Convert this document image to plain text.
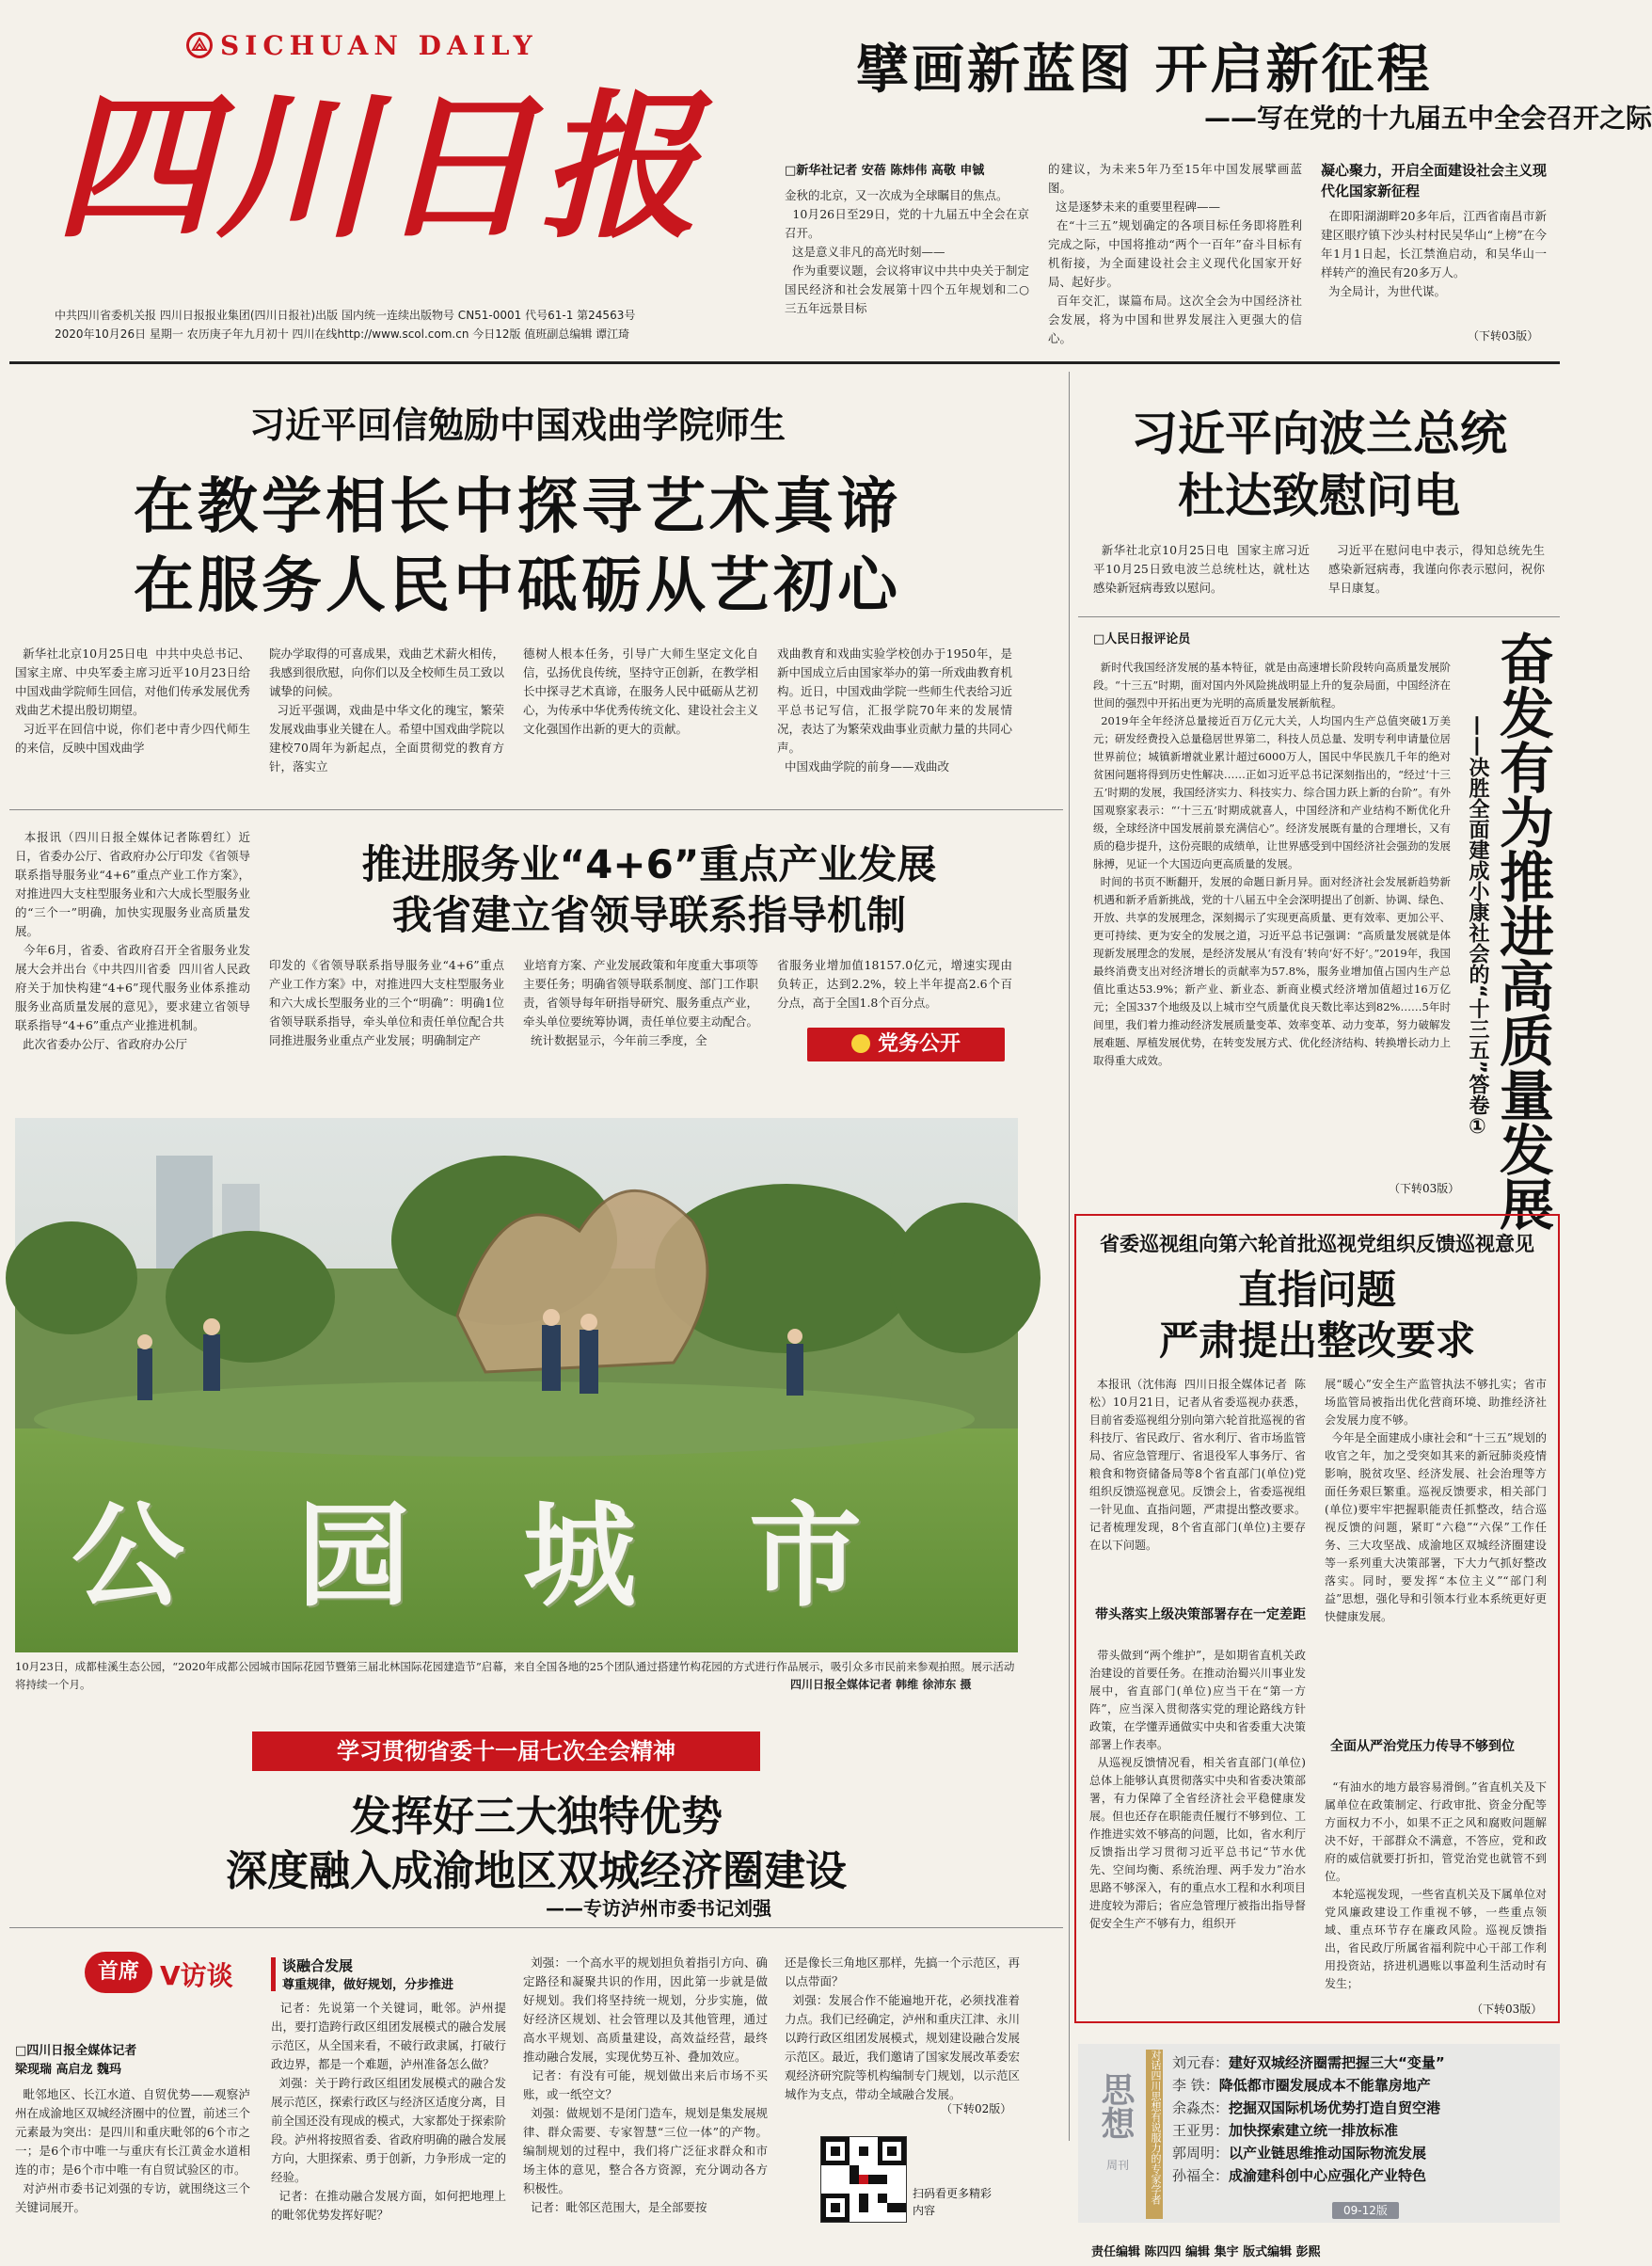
SICHUAN DAILY
四川日报
中共四川省委机关报 四川日报报业集团(四川日报社)出版 国内统一连续出版物号 CN51-0001 代号61-1 第24563号
2020年10月26日 星期一 农历庚子年九月初十 四川在线http://www.scol.com.cn 今日12版 值班副总编辑 谭江琦
擘画新蓝图 开启新征程
——写在党的十九届五中全会召开之际
□新华社记者 安蓓 陈炜伟 高敬 申铖
金秋的北京，又一次成为全球瞩目的焦点。
10月26日至29日，党的十九届五中全会在京召开。
这是意义非凡的高光时刻——
作为重要议题，会议将审议中共中央关于制定国民经济和社会发展第十四个五年规划和二○三五年远景目标
的建议，为未来5年乃至15年中国发展擘画蓝图。
这是逐梦未来的重要里程碑——
在“十三五”规划确定的各项目标任务即将胜利完成之际，中国将推动“两个一百年”奋斗目标有机衔接，为全面建设社会主义现代化国家开好局、起好步。
百年交汇，谋篇布局。这次全会为中国经济社会发展，将为中国和世界发展注入更强大的信心。
凝心聚力，开启全面建设社会主义现代化国家新征程
在即阳湖湖畔20多年后，江西省南昌市新建区眼疗镇下沙头村村民吴华山“上榜”在今年1月1日起，长江禁渔启动，和吴华山一样转产的渔民有20多万人。
为全局计，为世代谋。
（下转03版）
习近平回信勉励中国戏曲学院师生
在教学相长中探寻艺术真谛
在服务人民中砥砺从艺初心
新华社北京10月25日电  中共中央总书记、国家主席、中央军委主席习近平10月23日给中国戏曲学院师生回信，对他们传承发展优秀戏曲艺术提出殷切期望。
习近平在回信中说，你们老中青少四代师生的来信，反映中国戏曲学
院办学取得的可喜成果，戏曲艺术薪火相传，我感到很欣慰，向你们以及全校师生员工致以诚挚的问候。
习近平强调，戏曲是中华文化的瑰宝，繁荣发展戏曲事业关键在人。希望中国戏曲学院以建校70周年为新起点，全面贯彻党的教育方针，落实立
德树人根本任务，引导广大师生坚定文化自信，弘扬优良传统，坚持守正创新，在教学相长中探寻艺术真谛，在服务人民中砥砺从艺初心，为传承中华优秀传统文化、建设社会主义文化强国作出新的更大的贡献。
戏曲教育和戏曲实验学校创办于1950年，是新中国成立后由国家举办的第一所戏曲教育机构。近日，中国戏曲学院一些师生代表给习近平总书记写信，汇报学院70年来的发展情况，表达了为繁荣戏曲事业贡献力量的共同心声。
中国戏曲学院的前身——戏曲改
习近平向波兰总统
杜达致慰问电
新华社北京10月25日电  国家主席习近平10月25日致电波兰总统杜达，就杜达感染新冠病毒致以慰问。
习近平在慰问电中表示，得知总统先生感染新冠病毒，我谨向你表示慰问，祝你早日康复。
□人民日报评论员
新时代我国经济发展的基本特征，就是由高速增长阶段转向高质量发展阶段。“十三五”时期，面对国内外风险挑战明显上升的复杂局面，中国经济在世间的强烈中开拓出更为光明的高质量发展新航程。
2019年全年经济总量接近百万亿元大关，人均国内生产总值突破1万美元；研发经费投入总量稳居世界第二，科技人员总量、发明专利申请量位居世界前位；城镇新增就业累计超过6000万人，国民中华民族几千年的绝对贫困问题将得到历史性解决……正如习近平总书记深刻指出的，“经过‘十三五’时期的发展，我国经济实力、科技实力、综合国力跃上新的台阶”。有外国观察家表示：“‘十三五’时期成就喜人，中国经济和产业结构不断优化升级，全球经济中国发展前景充满信心”。经济发展既有量的合理增长，又有质的稳步提升，这份亮眼的成绩单，让世界感受到中国经济社会强劲的发展脉搏，见证一个大国迈向更高质量的发展。
时间的书页不断翻开，发展的命题日新月异。面对经济社会发展新趋势新机遇和新矛盾新挑战，党的十八届五中全会深明提出了创新、协调、绿色、开放、共享的发展理念，深刻揭示了实现更高质量、更有效率、更加公平、更可持续、更为安全的发展之道，习近平总书记强调：“高质量发展就是体现新发展理念的发展，是经济发展从‘有没有’转向‘好不好’。”2019年，我国最终消费支出对经济增长的贡献率为57.8%，服务业增加值占国内生产总值比重达53.9%；新产业、新业态、新商业模式经济增加值超过16万亿元；全国337个地级及以上城市空气质量优良天数比率达到82%……5年时间里，我们着力推动经济发展质量变革、效率变革、动力变革，努力破解发展难题、厚植发展优势，在转变发展方式、优化经济结构、转换增长动力上取得重大成效。	奋发有为推进高质量发展
——决胜全面建成小康社会的“十三五”答卷①
（下转03版）
本报讯（四川日报全媒体记者陈碧红）近日，省委办公厅、省政府办公厅印发《省领导联系指导服务业“4+6”重点产业工作方案》，对推进四大支柱型服务业和六大成长型服务业的“三个一”明确，加快实现服务业高质量发展。
今年6月，省委、省政府召开全省服务业发展大会并出台《中共四川省委  四川省人民政府关于加快构建“4+6”现代服务业体系推动服务业高质量发展的意见》，要求建立省领导联系指导“4+6”重点产业推进机制。
此次省委办公厅、省政府办公厅
推进服务业“4+6”重点产业发展
我省建立省领导联系指导机制
印发的《省领导联系指导服务业“4+6”重点产业工作方案》中，对推进四大支柱型服务业和六大成长型服务业的三个“明确”：明确1位省领导联系指导，牵头单位和责任单位配合共同推进服务业重点产业发展；明确制定产
业培育方案、产业发展政策和年度重大事项等主要任务；明确省领导联系制度、部门工作职责，省领导每年研指导研究、服务重点产业，牵头单位要统筹协调，责任单位要主动配合。
统计数据显示，今年前三季度，全
省服务业增加值18157.0亿元，增速实现由负转正，达到2.2%，较上半年提高2.6个百分点，高于全国1.8个百分点。
党务公开
公园城市
10月23日，成都桂溪生态公园，“2020年成都公园城市国际花园节暨第三届北林国际花园建造节”启幕，来自全国各地的25个团队通过搭建竹构花园的方式进行作品展示，吸引众多市民前来参观拍照。展示活动将持续一个月。	四川日报全媒体记者 韩维 徐沛东 摄
省委巡视组向第六轮首批巡视党组织反馈巡视意见
直指问题
严肃提出整改要求
本报讯（沈伟海  四川日报全媒体记者  陈松）10月21日，记者从省委巡视办获悉，目前省委巡视组分别向第六轮首批巡视的省科技厅、省民政厅、省水利厅、省市场监管局、省应急管理厅、省退役军人事务厅、省粮食和物资储备局等8个省直部门(单位)党组织反馈巡视意见。反馈会上，省委巡视组一针见血、直指问题，严肃提出整改要求。记者梳理发现，8个省直部门(单位)主要存在以下问题。
带头落实上级决策部署存在一定差距
带头做到“两个维护”，是如期省直机关政治建设的首要任务。在推动治蜀兴川事业发展中，省直部门(单位)应当干在“第一方阵”，应当深入贯彻落实党的理论路线方针政策，在学懂弄通做实中央和省委重大决策部署上作表率。
从巡视反馈情况看，相关省直部门(单位)总体上能够认真贯彻落实中央和省委决策部署，有力保障了全省经济社会平稳健康发展。但也还存在职能责任履行不够到位、工作推进实效不够高的问题，比如，省水利厅反馈指出学习贯彻习近平总书记“节水优先、空间均衡、系统治理、两手发力”治水思路不够深入，有的重点水工程和水利项目进度较为滞后；省应急管理厅被指出指导督促安全生产不够有力，组织开
展“暖心”安全生产监管执法不够扎实；省市场监管局被指出优化营商环境、助推经济社会发展力度不够。
今年是全面建成小康社会和“十三五”规划的收官之年，加之受突如其来的新冠肺炎疫情影响，脱贫攻坚、经济发展、社会治理等方面任务艰巨繁重。巡视反馈要求，相关部门(单位)要牢牢把握职能责任抓整改，结合巡视反馈的问题，紧盯“六稳”“六保”工作任务、三大攻坚战、成渝地区双城经济圈建设等一系列重大决策部署，下大力气抓好整改落实。同时，要发挥“本位主义”“部门利益”思想，强化导和引领本行业本系统更好更快健康发展。
全面从严治党压力传导不够到位
“有油水的地方最容易滑倒。”省直机关及下属单位在政策制定、行政审批、资金分配等方面权力不小，如果不正之风和腐败问题解决不好，干部群众不满意，不答应，党和政府的威信就要打折扣，管党治党也就管不到位。
本轮巡视发现，一些省直机关及下属单位对党风廉政建设工作重视不够，一些重点领域、重点环节存在廉政风险。巡视反馈指出，省民政厅所属省福利院中心干部工作利用投资站，挤进机遇账以事盈利生活动时有发生；
（下转03版）
学习贯彻省委十一届七次全会精神
发挥好三大独特优势
深度融入成渝地区双城经济圈建设
——专访泸州市委书记刘强
首席 V访谈
□四川日报全媒体记者
梁现瑞 高启龙 魏玛
毗邻地区、长江水道、自贸优势——观察泸州在成渝地区双城经济圈中的位置，前述三个元素最为突出：是四川和重庆毗邻的6个市之一；是6个市中唯一与重庆有长江黄金水道相连的市；是6个市中唯一有自贸试验区的市。
对泸州市委书记刘强的专访，就围绕这三个关键词展开。
谈融合发展
尊重规律，做好规划，分步推进
记者：先说第一个关键词，毗邻。泸州提出，要打造跨行政区组团发展模式的融合发展示范区，从全国来看，不破行政隶属，打破行政边界，都是一个难题，泸州准备怎么做？
刘强：关于跨行政区组团发展模式的融合发展示范区，探索行政区与经济区适度分离，目前全国还没有现成的模式，大家都处于探索阶段。泸州将按照省委、省政府明确的融合发展方向，大胆探索、勇于创新，力争形成一定的经验。
记者：在推动融合发展方面，如何把地理上的毗邻优势发挥好呢？
刘强：一个高水平的规划担负着指引方向、确定路径和凝聚共识的作用，因此第一步就是做好规划。我们将坚持统一规划，分步实施，做好经济区规划、社会管理以及其他管理，通过高水平规划、高质量建设，高效益经营，最终推动融合发展，实现优势互补、叠加效应。
记者：有没有可能，规划做出来后市场不买账，或一纸空文？
刘强：做规划不是闭门造车，规划是集发展规律、群众需要、专家智慧“三位一体”的产物。编制规划的过程中，我们将广泛征求群众和市场主体的意见，整合各方资源，充分调动各方积极性。
记者：毗邻区范围大，是全部要按
还是像长三角地区那样，先搞一个示范区，再以点带面？
刘强：发展合作不能遍地开花，必须找准着力点。我们已经确定，泸州和重庆江津、永川以跨行政区组团发展模式，规划建设融合发展示范区。最近，我们邀请了国家发展改革委宏观经济研究院等机构编制专门规划，以示范区城作为支点，带动全域融合发展。
（下转02版）
扫码看更多精彩内容
思想
周刊	对话四川思想有说服力的专家学者 刘元春：建好双城经济圈需把握三大“变量”
李 铁：降低都市圈发展成本不能靠房地产
余淼杰：挖掘双国际机场优势打造自贸空港
王亚男：加快探索建立统一排放标准
郭周明：以产业链思维推动国际物流发展
孙福全：成渝建科创中心应强化产业特色
09-12版
责任编辑 陈四四 编辑 集宇 版式编辑 彭熙
